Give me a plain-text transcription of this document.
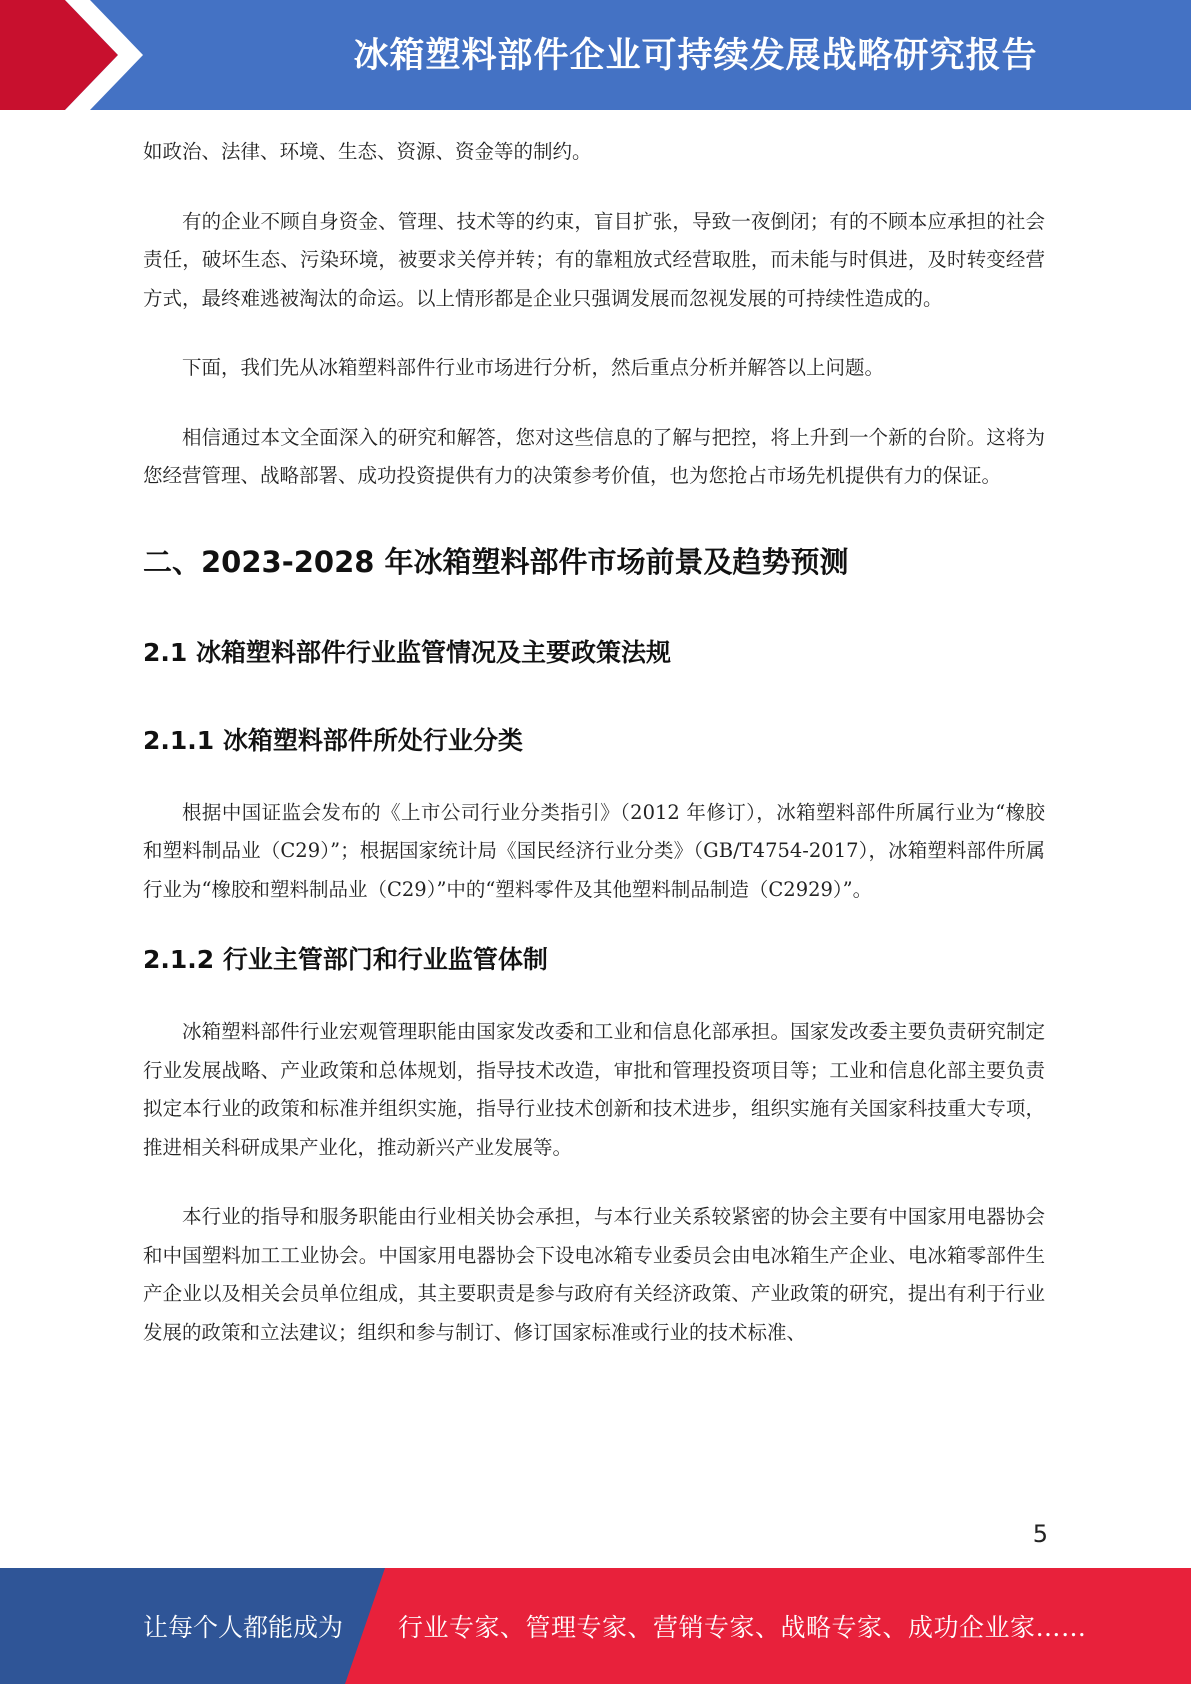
冰箱塑料部件企业可持续发展战略研究报告

如政治、法律、环境、生态、资源、资金等的制约。

有的企业不顾自身资金、管理、技术等的约束，盲目扩张，导致一夜倒闭；有的不顾本应承担的社会责任，破坏生态、污染环境，被要求关停并转；有的靠粗放式经营取胜，而未能与时俱进，及时转变经营方式，最终难逃被淘汰的命运。以上情形都是企业只强调发展而忽视发展的可持续性造成的。

下面，我们先从冰箱塑料部件行业市场进行分析，然后重点分析并解答以上问题。

相信通过本文全面深入的研究和解答，您对这些信息的了解与把控，将上升到一个新的台阶。这将为您经营管理、战略部署、成功投资提供有力的决策参考价值，也为您抢占市场先机提供有力的保证。

二、2023-2028 年冰箱塑料部件市场前景及趋势预测
2.1 冰箱塑料部件行业监管情况及主要政策法规
2.1.1 冰箱塑料部件所处行业分类

根据中国证监会发布的《上市公司行业分类指引》（2012 年修订），冰箱塑料部件所属行业为“橡胶和塑料制品业（C29）”；根据国家统计局《国民经济行业分类》（GB/T4754-2017），冰箱塑料部件所属行业为“橡胶和塑料制品业（C29）”中的“塑料零件及其他塑料制品制造（C2929）”。

2.1.2 行业主管部门和行业监管体制

冰箱塑料部件行业宏观管理职能由国家发改委和工业和信息化部承担。国家发改委主要负责研究制定行业发展战略、产业政策和总体规划，指导技术改造，审批和管理投资项目等；工业和信息化部主要负责拟定本行业的政策和标准并组织实施，指导行业技术创新和技术进步，组织实施有关国家科技重大专项，推进相关科研成果产业化，推动新兴产业发展等。

本行业的指导和服务职能由行业相关协会承担，与本行业关系较紧密的协会主要有中国家用电器协会和中国塑料加工工业协会。中国家用电器协会下设电冰箱专业委员会由电冰箱生产企业、电冰箱零部件生产企业以及相关会员单位组成，其主要职责是参与政府有关经济政策、产业政策的研究，提出有利于行业发展的政策和立法建议；组织和参与制订、修订国家标准或行业的技术标准、

5
让每个人都能成为 行业专家、管理专家、营销专家、战略专家、成功企业家……
